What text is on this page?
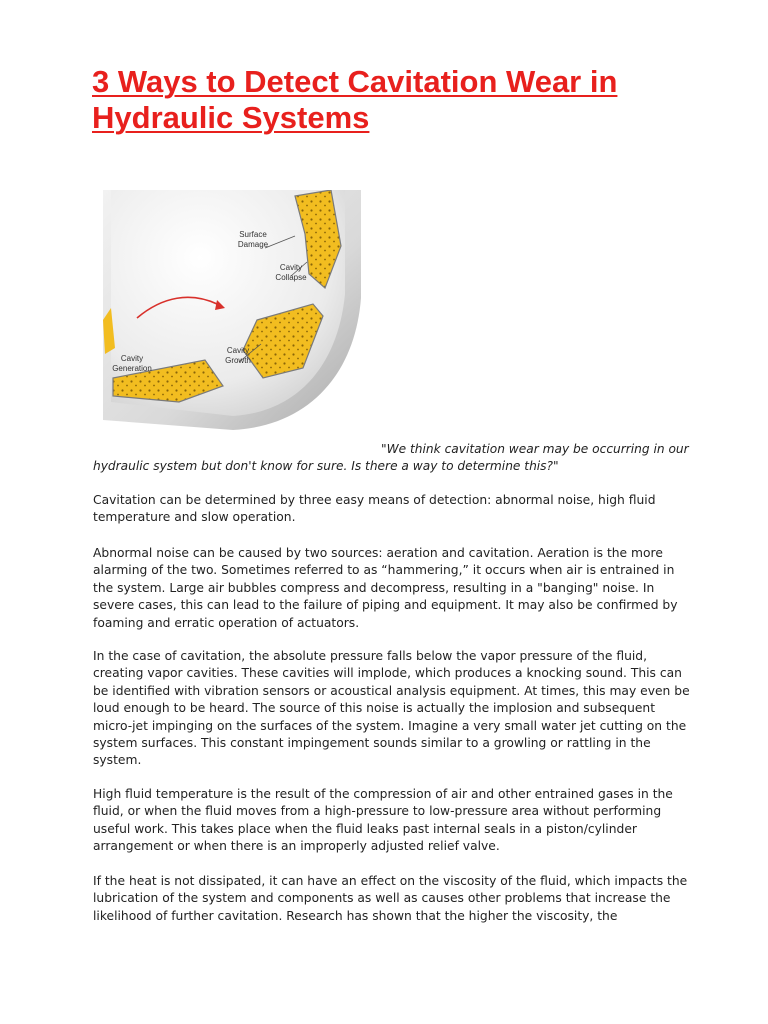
3 Ways to Detect Cavitation Wear in Hydraulic Systems
Surface Damage
Cavity Collapse
Cavity Growth
Cavity Generation

"We think cavitation wear may be occurring in our hydraulic system but don't know for sure. Is there a way to determine this?"

Cavitation can be determined by three easy means of detection: abnormal noise, high fluid temperature and slow operation.

Abnormal noise can be caused by two sources: aeration and cavitation. Aeration is the more alarming of the two. Sometimes referred to as “hammering,” it occurs when air is entrained in the system. Large air bubbles compress and decompress, resulting in a "banging" noise. In severe cases, this can lead to the failure of piping and equipment. It may also be confirmed by foaming and erratic operation of actuators.

In the case of cavitation, the absolute pressure falls below the vapor pressure of the fluid, creating vapor cavities. These cavities will implode, which produces a knocking sound. This can be identified with vibration sensors or acoustical analysis equipment. At times, this may even be loud enough to be heard. The source of this noise is actually the implosion and subsequent micro-jet impinging on the surfaces of the system. Imagine a very small water jet cutting on the system surfaces. This constant impingement sounds similar to a growling or rattling in the system.

High fluid temperature is the result of the compression of air and other entrained gases in the fluid, or when the fluid moves from a high-pressure to low-pressure area without performing useful work. This takes place when the fluid leaks past internal seals in a piston/cylinder arrangement or when there is an improperly adjusted relief valve.

If the heat is not dissipated, it can have an effect on the viscosity of the fluid, which impacts the lubrication of the system and components as well as causes other problems that increase the likelihood of further cavitation. Research has shown that the higher the viscosity, the
